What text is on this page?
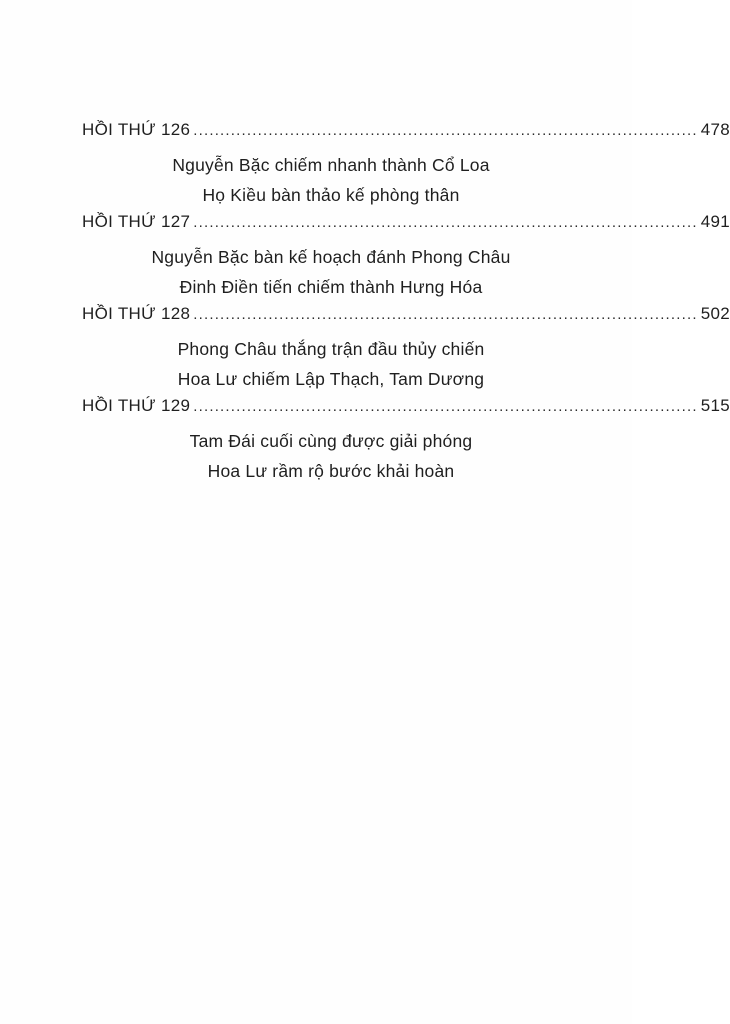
HỒI THỨ 126 .............................................................................................. 478
Nguyễn Bặc chiếm nhanh thành Cổ Loa
Họ Kiều bàn thảo kế phòng thân
HỒI THỨ 127 .............................................................................................. 491
Nguyễn Bặc bàn kế hoạch đánh Phong Châu
Đinh Điền tiến chiếm thành Hưng Hóa
HỒI THỨ 128 .............................................................................................. 502
Phong Châu thắng trận đầu thủy chiến
Hoa Lư chiếm Lập Thạch, Tam Dương
HỒI THỨ 129 .............................................................................................. 515
Tam Đái cuối cùng được giải phóng
Hoa Lư rầm rộ bước khải hoàn
